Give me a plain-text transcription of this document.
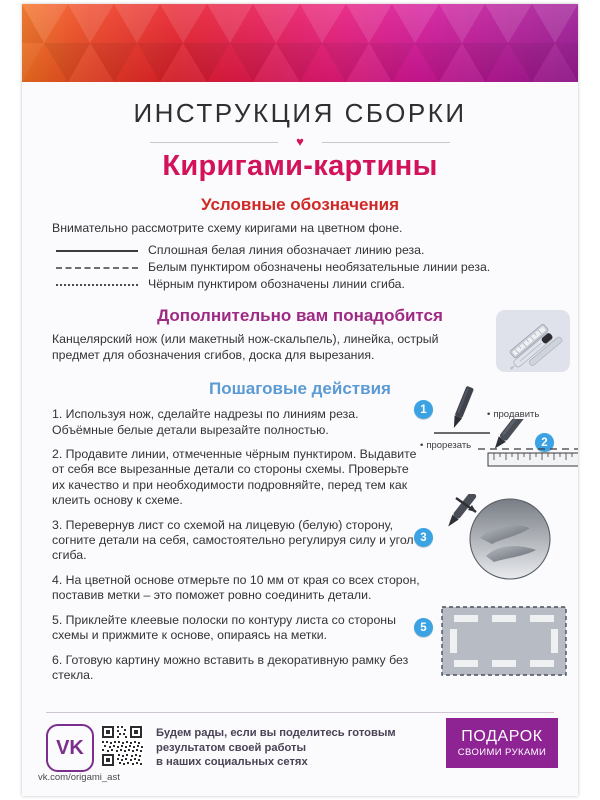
ИНСТРУКЦИЯ СБОРКИ
♥
Киригами-картины
Условные обозначения
Внимательно рассмотрите схему киригами на цветном фоне.
Сплошная белая линия обозначает линию реза.
Белым пунктиром обозначены необязательные линии реза.
Чёрным пунктиром обозначены линии сгиба.
Дополнительно вам понадобится
Канцелярский нож (или макетный нож-скальпель), линейка, острый предмет для обозначения сгибов, доска для вырезания.
Пошаговые действия

1. Используя нож, сделайте надрезы по линиям реза. Объёмные белые детали вырезайте полностью.

2. Продавите линии, отмеченные чёрным пунктиром. Выдавите от себя все вырезанные детали со стороны схемы. Проверьте их качество и при необходимости подровняйте, перед тем как клеить основу к схеме.

3. Перевернув лист со схемой на лицевую (белую) сторону, согните детали на себя, самостоятельно регулируя силу и угол сгиба.

4. На цветной основе отмерьте по 10 мм от края со всех сторон, поставив метки – это поможет ровно соединить детали.

5. Приклейте клеевые полоски по контуру листа со стороны схемы и прижмите к основе, опираясь на метки.

6. Готовую картину можно вставить в декоративную рамку без стекла.

1
2
3
5
• прорезать
• продавить
VK
vk.com/origami_ast
Будем рады, если вы поделитесь готовым
результатом своей работы
в наших социальных сетях
ПОДАРОК
СВОИМИ РУКАМИ
